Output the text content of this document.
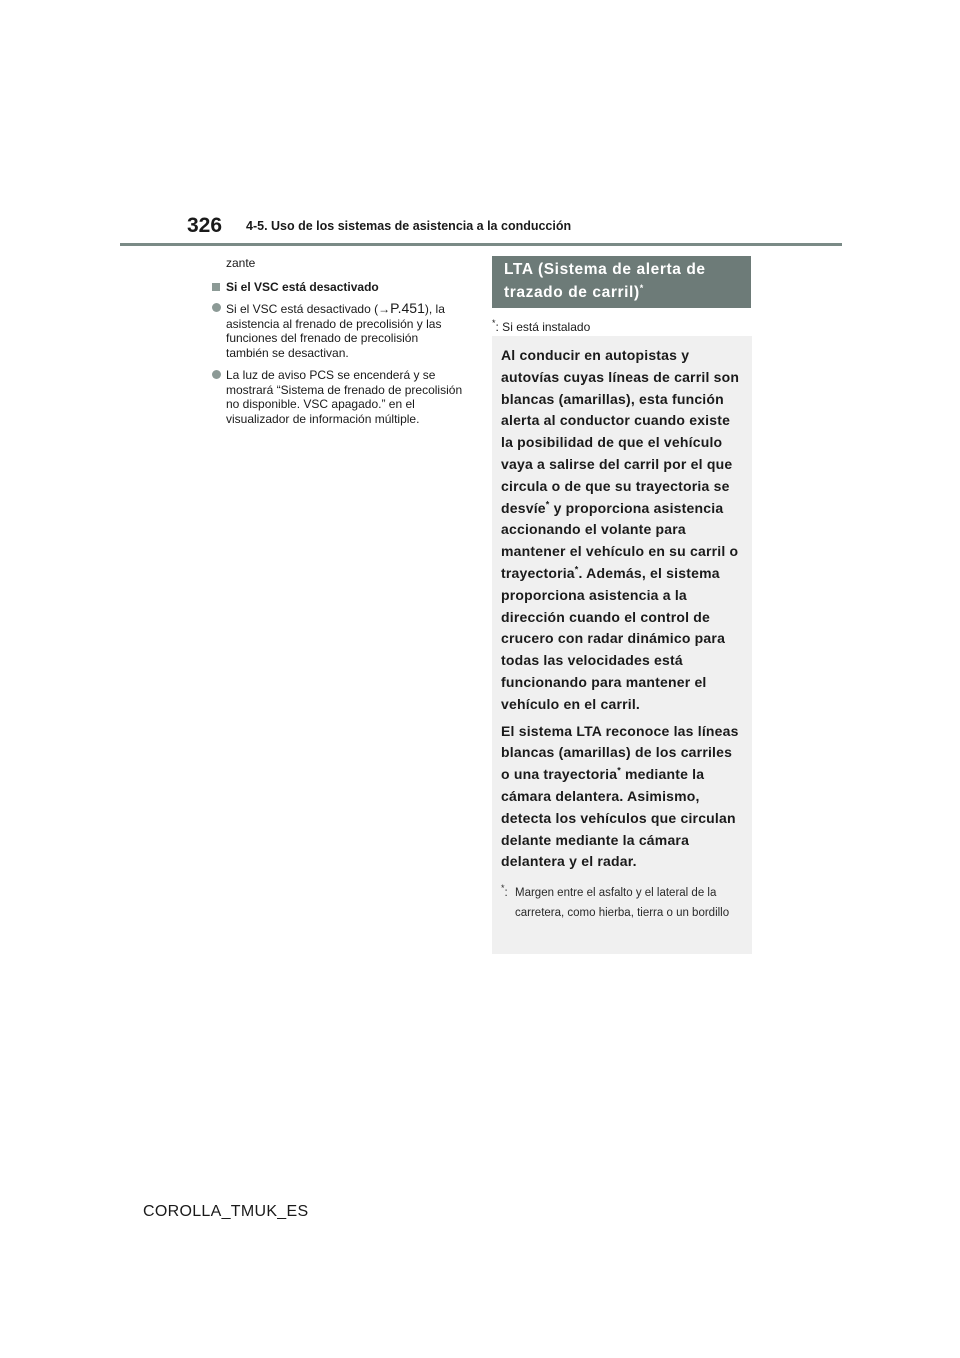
326 4-5. Uso de los sistemas de asistencia a la conducción
zante
Si el VSC está desactivado
Si el VSC está desactivado (→P.451), la asistencia al frenado de precolisión y las funciones del frenado de precolisión también se desactivan.
La luz de aviso PCS se encenderá y se mostrará “Sistema de frenado de precolisión no disponible. VSC apagado.” en el visualizador de información múltiple.
LTA (Sistema de alerta de
trazado de carril)*
*: Si está instalado

Al conducir en autopistas y autovías cuyas líneas de carril son blancas (amarillas), esta función alerta al conductor cuando existe la posibilidad de que el vehículo vaya a salirse del carril por el que circula o de que su trayectoria se desvíe* y proporciona asistencia accionando el volante para mantener el vehículo en su carril o trayectoria*. Además, el sistema proporciona asistencia a la dirección cuando el control de crucero con radar dinámico para todas las velocidades está funcionando para mantener el vehículo en el carril.

El sistema LTA reconoce las líneas blancas (amarillas) de los carriles o una trayectoria* mediante la cámara delantera. Asimismo, detecta los vehículos que circulan delante mediante la cámara delantera y el radar.

*: Margen entre el asfalto y el lateral de la carretera, como hierba, tierra o un bordillo
COROLLA_TMUK_ES
